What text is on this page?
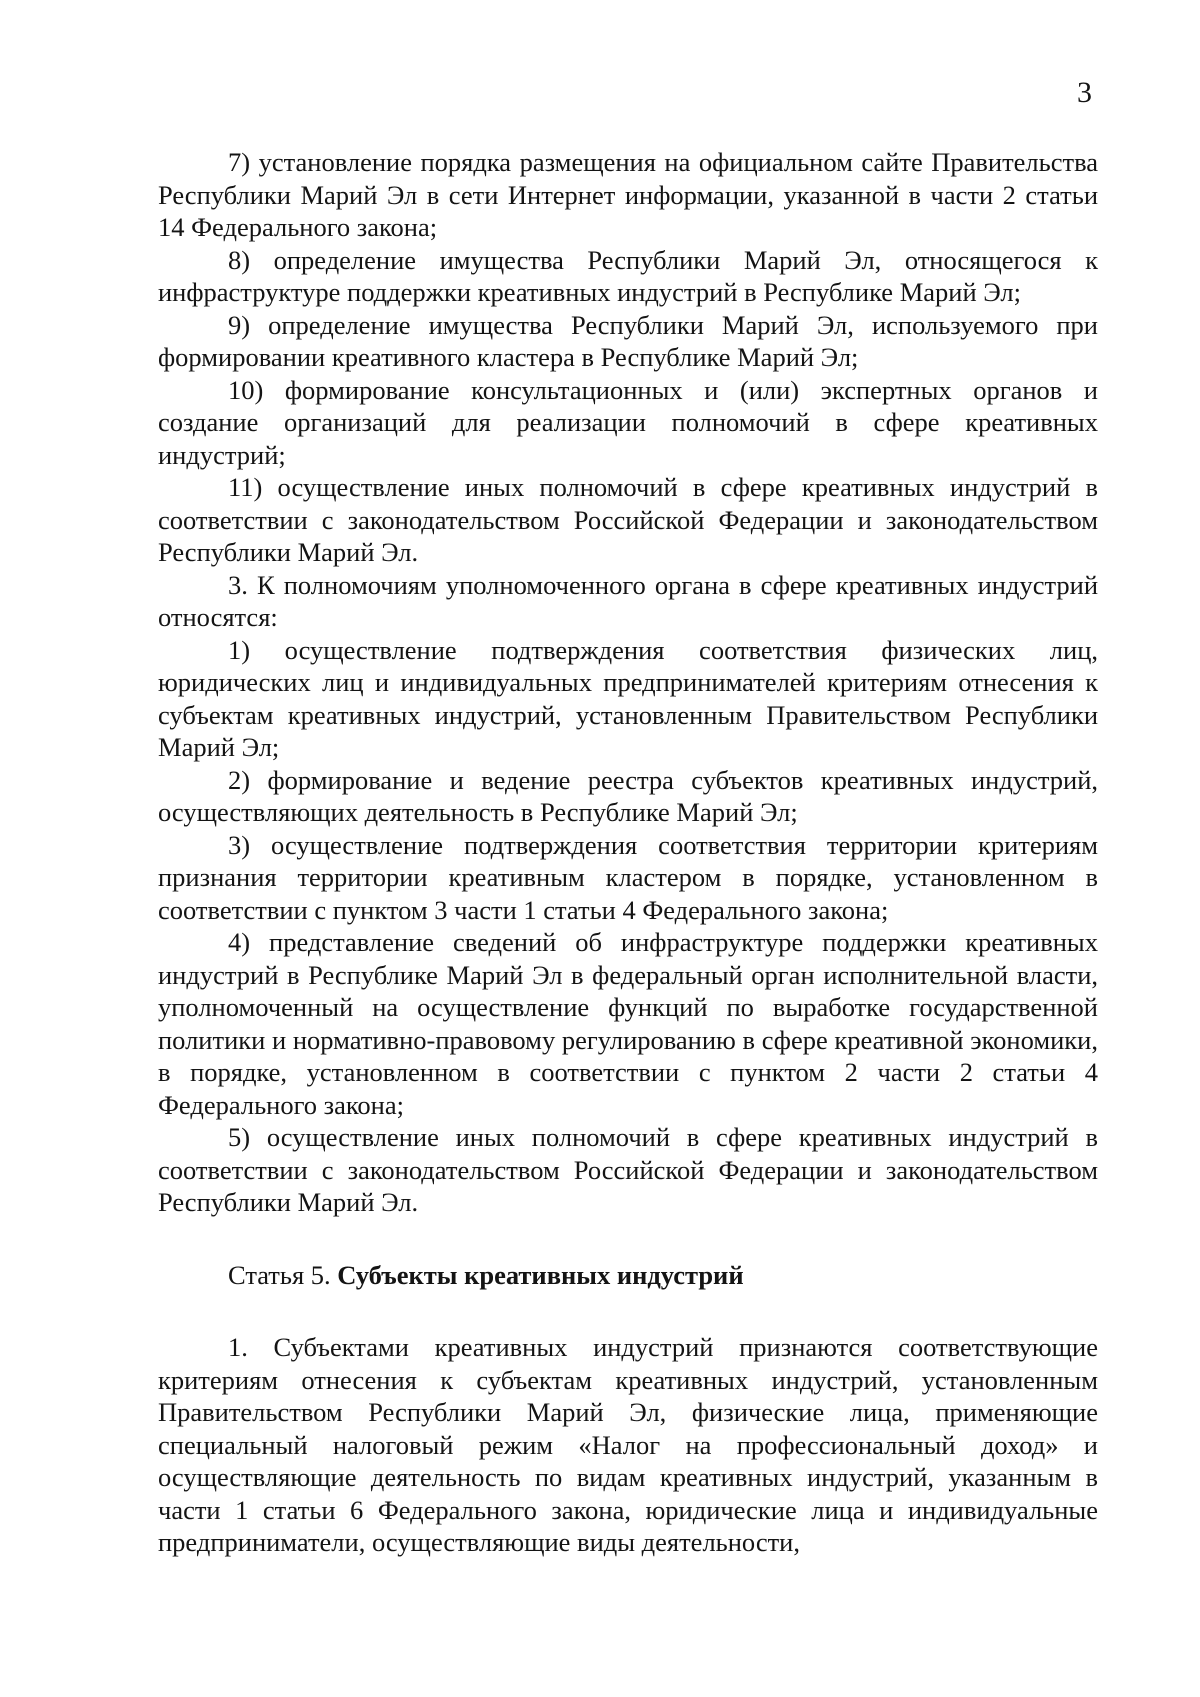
3

7) установление порядка размещения на официальном сайте Правительства Республики Марий Эл в сети Интернет информации, указанной в части 2 статьи 14 Федерального закона;

8) определение имущества Республики Марий Эл, относящегося к инфраструктуре поддержки креативных индустрий в Республике Марий Эл;

9) определение имущества Республики Марий Эл, используемого при формировании креативного кластера в Республике Марий Эл;

10) формирование консультационных и (или) экспертных органов и создание организаций для реализации полномочий в сфере креативных индустрий;

11) осуществление иных полномочий в сфере креативных индустрий в соответствии с законодательством Российской Федерации и законодательством Республики Марий Эл.

3. К полномочиям уполномоченного органа в сфере креативных индустрий относятся:

1) осуществление подтверждения соответствия физических лиц, юридических лиц и индивидуальных предпринимателей критериям отнесения к субъектам креативных индустрий, установленным Правительством Республики Марий Эл;

2) формирование и ведение реестра субъектов креативных индустрий, осуществляющих деятельность в Республике Марий Эл;

3) осуществление подтверждения соответствия территории критериям признания территории креативным кластером в порядке, установленном в соответствии с пунктом 3 части 1 статьи 4 Федерального закона;

4) представление сведений об инфраструктуре поддержки креативных индустрий в Республике Марий Эл в федеральный орган исполнительной власти, уполномоченный на осуществление функций по выработке государственной политики и нормативно-правовому регулированию в сфере креативной экономики, в порядке, установленном в соответствии с пунктом 2 части 2 статьи 4 Федерального закона;

5) осуществление иных полномочий в сфере креативных индустрий в соответствии с законодательством Российской Федерации и законодательством Республики Марий Эл.

Статья 5. Субъекты креативных индустрий

1. Субъектами креативных индустрий признаются соответствующие критериям отнесения к субъектам креативных индустрий, установленным Правительством Республики Марий Эл, физические лица, применяющие специальный налоговый режим «Налог на профессиональный доход» и осуществляющие деятельность по видам креативных индустрий, указанным в части 1 статьи 6 Федерального закона, юридические лица и индивидуальные предприниматели, осуществляющие виды деятельности,
